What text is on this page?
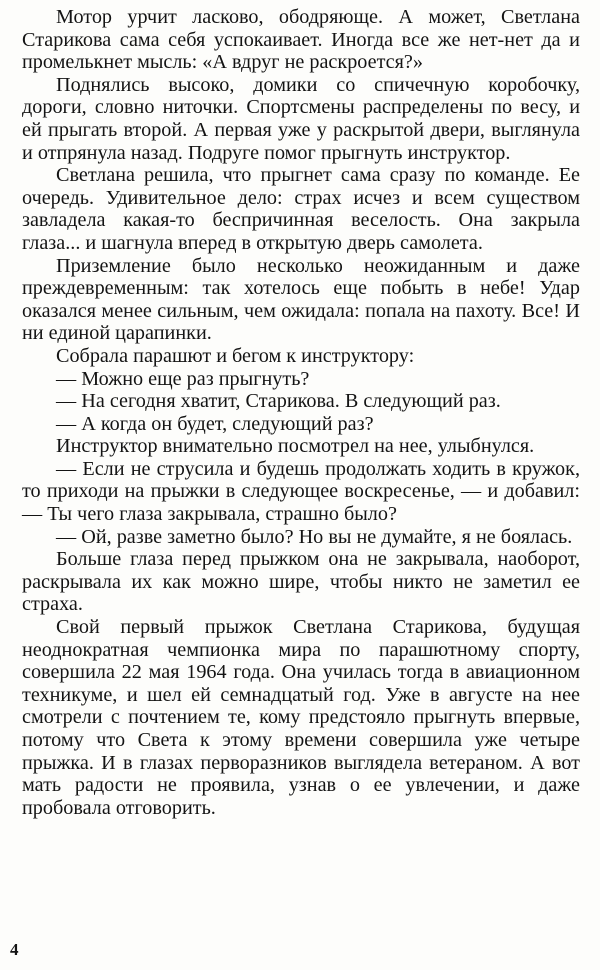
Мотор урчит ласково, ободряюще. А может, Светлана Старикова сама себя успокаивает. Иногда все же нет-нет да и промелькнет мысль: «А вдруг не раскроется?»

Поднялись высоко, домики со спичечную коробочку, дороги, словно ниточки. Спортсмены распределены по весу, и ей прыгать второй. А первая уже у раскрытой двери, выглянула и отпрянула назад. Подруге помог прыгнуть инструктор.

Светлана решила, что прыгнет сама сразу по команде. Ее очередь. Удивительное дело: страх исчез и всем существом завладела какая-то беспричинная веселость. Она закрыла глаза... и шагнула вперед в открытую дверь самолета.

Приземление было несколько неожиданным и даже преждевременным: так хотелось еще побыть в небе! Удар оказался менее сильным, чем ожидала: попала на пахоту. Все! И ни единой царапинки.

Собрала парашют и бегом к инструктору:

— Можно еще раз прыгнуть?

— На сегодня хватит, Старикова. В следующий раз.

— А когда он будет, следующий раз?

Инструктор внимательно посмотрел на нее, улыбнулся.

— Если не струсила и будешь продолжать ходить в кружок, то приходи на прыжки в следующее воскресенье, — и добавил: — Ты чего глаза закрывала, страшно было?

— Ой, разве заметно было? Но вы не думайте, я не боялась.

Больше глаза перед прыжком она не закрывала, наоборот, раскрывала их как можно шире, чтобы никто не заметил ее страха.

Свой первый прыжок Светлана Старикова, будущая неоднократная чемпионка мира по парашютному спорту, совершила 22 мая 1964 года. Она училась тогда в авиационном техникуме, и шел ей семнадцатый год. Уже в августе на нее смотрели с почтением те, кому предстояло прыгнуть впервые, потому что Света к этому времени совершила уже четыре прыжка. И в глазах перворазников выглядела ветераном. А вот мать радости не проявила, узнав о ее увлечении, и даже пробовала отговорить.

4
